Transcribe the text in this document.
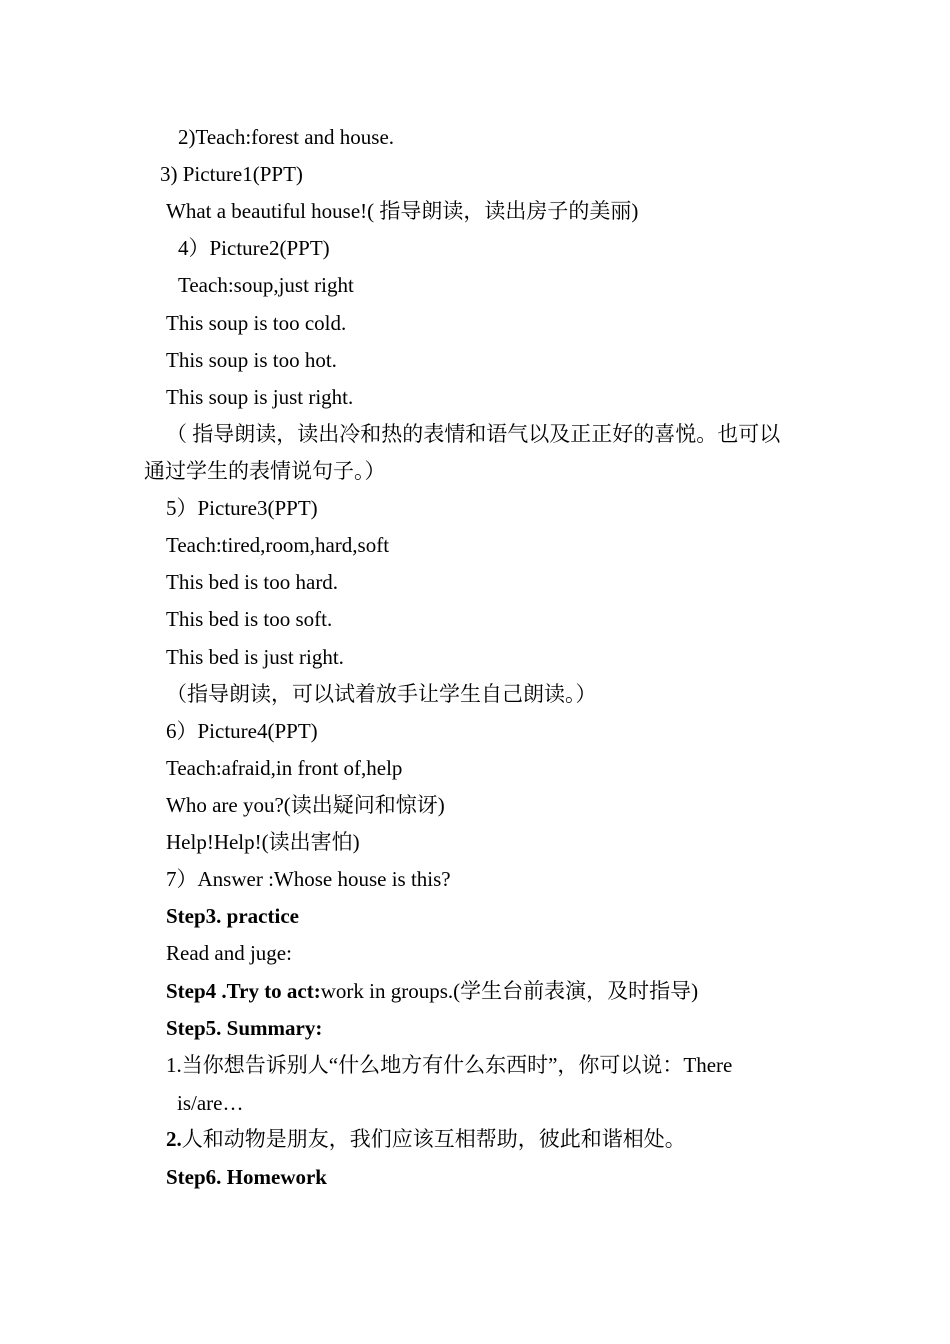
2)Teach:forest and house.

3) Picture1(PPT)

What a beautiful house!( 指导朗读，读出房子的美丽)

4）Picture2(PPT)

Teach:soup,just right

This soup is too cold.

This soup is too hot.

This soup is just right.

（ 指导朗读，读出冷和热的表情和语气以及正正好的喜悦。也可以

通过学生的表情说句子。）

5）Picture3(PPT)

Teach:tired,room,hard,soft

This bed is too hard.

This bed is too soft.

This bed is just right.

（指导朗读，可以试着放手让学生自己朗读。）

6）Picture4(PPT)

Teach:afraid,in front of,help

Who are you?(读出疑问和惊讶)

Help!Help!(读出害怕)

7）Answer :Whose house is this?

Step3. practice

Read and juge:

Step4 .Try to act:work in groups.(学生台前表演，及时指导)

Step5. Summary:

1.当你想告诉别人“什么地方有什么东西时”，你可以说：There

is/are…

2.人和动物是朋友，我们应该互相帮助，彼此和谐相处。

Step6. Homework
